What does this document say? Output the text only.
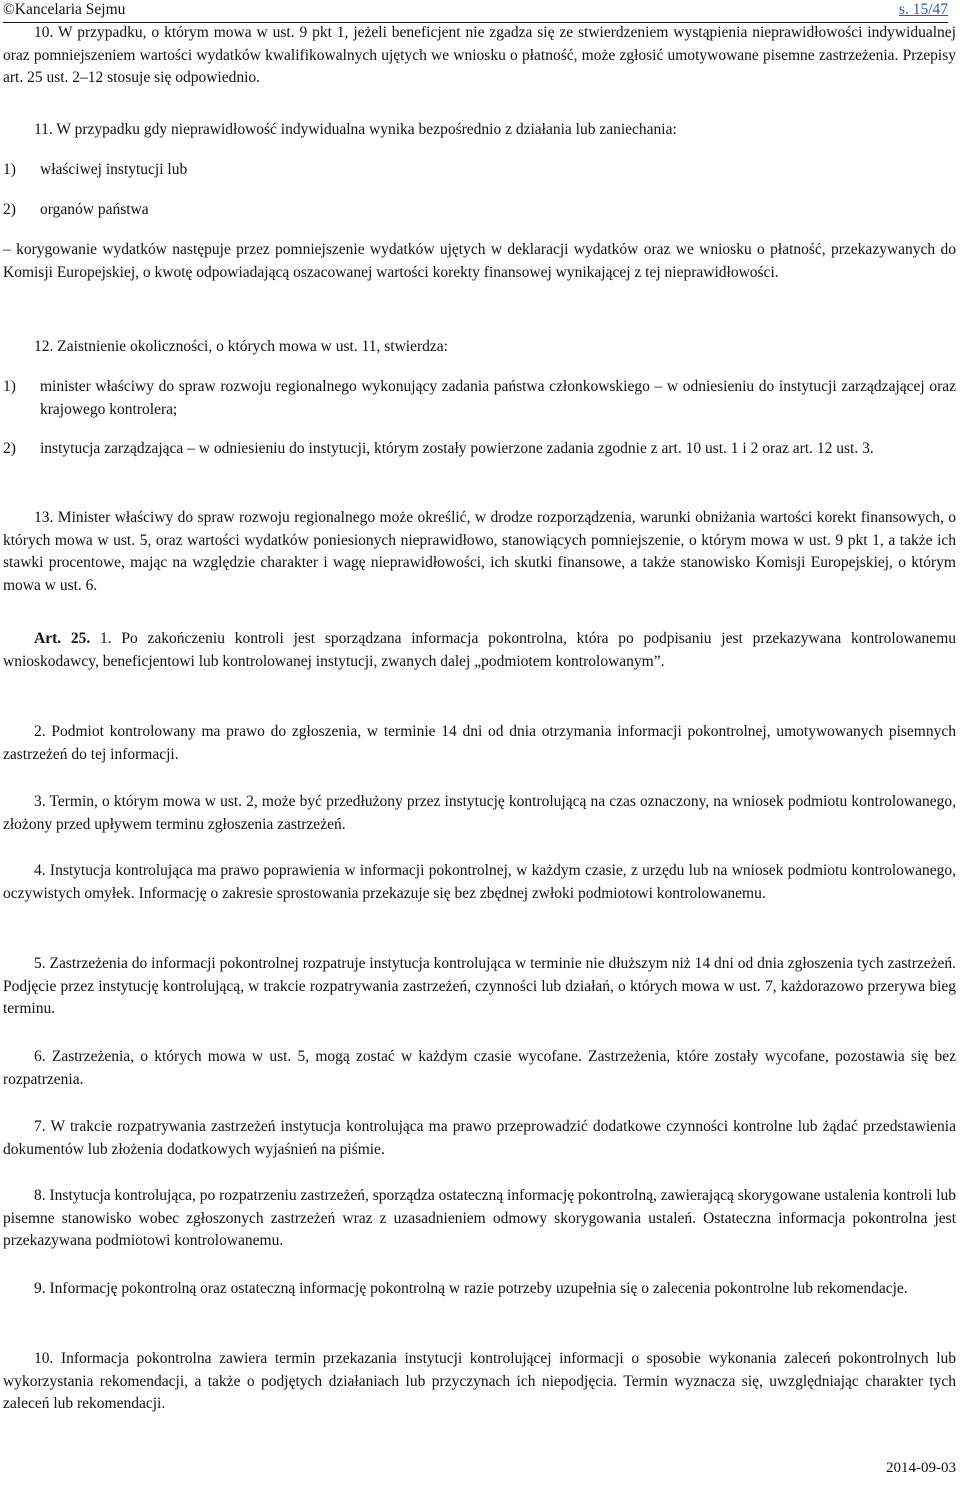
©Kancelaria Sejmu	s. 15/47
10. W przypadku, o którym mowa w ust. 9 pkt 1, jeżeli beneficjent nie zgadza się ze stwierdzeniem wystąpienia nieprawidłowości indywidualnej oraz pomniejszeniem wartości wydatków kwalifikowalnych ujętych we wniosku o płatność, może zgłosić umotywowane pisemne zastrzeżenia. Przepisy art. 25 ust. 2–12 stosuje się odpowiednio.
11. W przypadku gdy nieprawidłowość indywidualna wynika bezpośrednio z działania lub zaniechania:
1) właściwej instytucji lub
2) organów państwa
– korygowanie wydatków następuje przez pomniejszenie wydatków ujętych w deklaracji wydatków oraz we wniosku o płatność, przekazywanych do Komisji Europejskiej, o kwotę odpowiadającą oszacowanej wartości korekty finansowej wynikającej z tej nieprawidłowości.
12. Zaistnienie okoliczności, o których mowa w ust. 11, stwierdza:
1) minister właściwy do spraw rozwoju regionalnego wykonujący zadania państwa członkowskiego – w odniesieniu do instytucji zarządzającej oraz krajowego kontrolera;
2) instytucja zarządzająca – w odniesieniu do instytucji, którym zostały powierzone zadania zgodnie z art. 10 ust. 1 i 2 oraz art. 12 ust. 3.
13. Minister właściwy do spraw rozwoju regionalnego może określić, w drodze rozporządzenia, warunki obniżania wartości korekt finansowych, o których mowa w ust. 5, oraz wartości wydatków poniesionych nieprawidłowo, stanowiących pomniejszenie, o którym mowa w ust. 9 pkt 1, a także ich stawki procentowe, mając na względzie charakter i wagę nieprawidłowości, ich skutki finansowe, a także stanowisko Komisji Europejskiej, o którym mowa w ust. 6.
Art. 25. 1. Po zakończeniu kontroli jest sporządzana informacja pokontrolna, która po podpisaniu jest przekazywana kontrolowanemu wnioskodawcy, beneficjentowi lub kontrolowanej instytucji, zwanych dalej „podmiotem kontrolowanym”.
2. Podmiot kontrolowany ma prawo do zgłoszenia, w terminie 14 dni od dnia otrzymania informacji pokontrolnej, umotywowanych pisemnych zastrzeżeń do tej informacji.
3. Termin, o którym mowa w ust. 2, może być przedłużony przez instytucję kontrolującą na czas oznaczony, na wniosek podmiotu kontrolowanego, złożony przed upływem terminu zgłoszenia zastrzeżeń.
4. Instytucja kontrolująca ma prawo poprawienia w informacji pokontrolnej, w każdym czasie, z urzędu lub na wniosek podmiotu kontrolowanego, oczywistych omyłek. Informację o zakresie sprostowania przekazuje się bez zbędnej zwłoki podmiotowi kontrolowanemu.
5. Zastrzeżenia do informacji pokontrolnej rozpatruje instytucja kontrolująca w terminie nie dłuższym niż 14 dni od dnia zgłoszenia tych zastrzeżeń. Podjęcie przez instytucję kontrolującą, w trakcie rozpatrywania zastrzeżeń, czynności lub działań, o których mowa w ust. 7, każdorazowo przerywa bieg terminu.
6. Zastrzeżenia, o których mowa w ust. 5, mogą zostać w każdym czasie wycofane. Zastrzeżenia, które zostały wycofane, pozostawia się bez rozpatrzenia.
7. W trakcie rozpatrywania zastrzeżeń instytucja kontrolująca ma prawo przeprowadzić dodatkowe czynności kontrolne lub żądać przedstawienia dokumentów lub złożenia dodatkowych wyjaśnień na piśmie.
8. Instytucja kontrolująca, po rozpatrzeniu zastrzeżeń, sporządza ostateczną informację pokontrolną, zawierającą skorygowane ustalenia kontroli lub pisemne stanowisko wobec zgłoszonych zastrzeżeń wraz z uzasadnieniem odmowy skorygowania ustaleń. Ostateczna informacja pokontrolna jest przekazywana podmiotowi kontrolowanemu.
9. Informację pokontrolną oraz ostateczną informację pokontrolną w razie potrzeby uzupełnia się o zalecenia pokontrolne lub rekomendacje.
10. Informacja pokontrolna zawiera termin przekazania instytucji kontrolującej informacji o sposobie wykonania zaleceń pokontrolnych lub wykorzystania rekomendacji, a także o podjętych działaniach lub przyczynach ich niepodjęcia. Termin wyznacza się, uwzględniając charakter tych zaleceń lub rekomendacji.
2014-09-03
